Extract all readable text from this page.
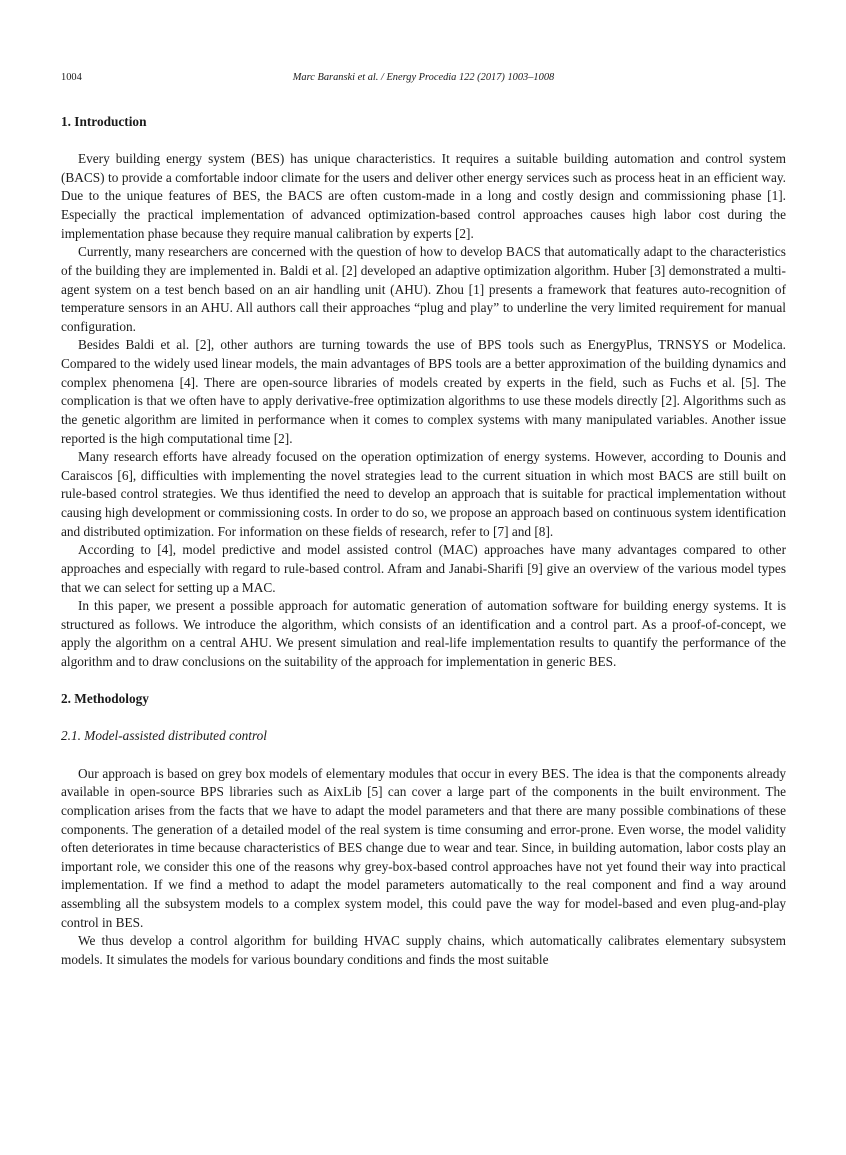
1004	Marc Baranski et al. / Energy Procedia 122 (2017) 1003–1008
1. Introduction

Every building energy system (BES) has unique characteristics. It requires a suitable building automation and control system (BACS) to provide a comfortable indoor climate for the users and deliver other energy services such as process heat in an efficient way. Due to the unique features of BES, the BACS are often custom-made in a long and costly design and commissioning phase [1]. Especially the practical implementation of advanced optimization-based control approaches causes high labor cost during the implementation phase because they require manual calibration by experts [2].

Currently, many researchers are concerned with the question of how to develop BACS that automatically adapt to the characteristics of the building they are implemented in. Baldi et al. [2] developed an adaptive optimization algorithm. Huber [3] demonstrated a multi-agent system on a test bench based on an air handling unit (AHU). Zhou [1] presents a framework that features auto-recognition of temperature sensors in an AHU. All authors call their approaches “plug and play” to underline the very limited requirement for manual configuration.

Besides Baldi et al. [2], other authors are turning towards the use of BPS tools such as EnergyPlus, TRNSYS or Modelica. Compared to the widely used linear models, the main advantages of BPS tools are a better approximation of the building dynamics and complex phenomena [4]. There are open-source libraries of models created by experts in the field, such as Fuchs et al. [5]. The complication is that we often have to apply derivative-free optimization algorithms to use these models directly [2]. Algorithms such as the genetic algorithm are limited in performance when it comes to complex systems with many manipulated variables. Another issue reported is the high computational time [2].

Many research efforts have already focused on the operation optimization of energy systems. However, according to Dounis and Caraiscos [6], difficulties with implementing the novel strategies lead to the current situation in which most BACS are still built on rule-based control strategies. We thus identified the need to develop an approach that is suitable for practical implementation without causing high development or commissioning costs. In order to do so, we propose an approach based on continuous system identification and distributed optimization. For information on these fields of research, refer to [7] and [8].

According to [4], model predictive and model assisted control (MAC) approaches have many advantages compared to other approaches and especially with regard to rule-based control. Afram and Janabi-Sharifi [9] give an overview of the various model types that we can select for setting up a MAC.

In this paper, we present a possible approach for automatic generation of automation software for building energy systems. It is structured as follows. We introduce the algorithm, which consists of an identification and a control part. As a proof-of-concept, we apply the algorithm on a central AHU. We present simulation and real-life implementation results to quantify the performance of the algorithm and to draw conclusions on the suitability of the approach for implementation in generic BES.

2. Methodology
2.1. Model-assisted distributed control

Our approach is based on grey box models of elementary modules that occur in every BES. The idea is that the components already available in open-source BPS libraries such as AixLib [5] can cover a large part of the components in the built environment. The complication arises from the facts that we have to adapt the model parameters and that there are many possible combinations of these components. The generation of a detailed model of the real system is time consuming and error-prone. Even worse, the model validity often deteriorates in time because characteristics of BES change due to wear and tear. Since, in building automation, labor costs play an important role, we consider this one of the reasons why grey-box-based control approaches have not yet found their way into practical implementation. If we find a method to adapt the model parameters automatically to the real component and find a way around assembling all the subsystem models to a complex system model, this could pave the way for model-based and even plug-and-play control in BES.

We thus develop a control algorithm for building HVAC supply chains, which automatically calibrates elementary subsystem models. It simulates the models for various boundary conditions and finds the most suitable
